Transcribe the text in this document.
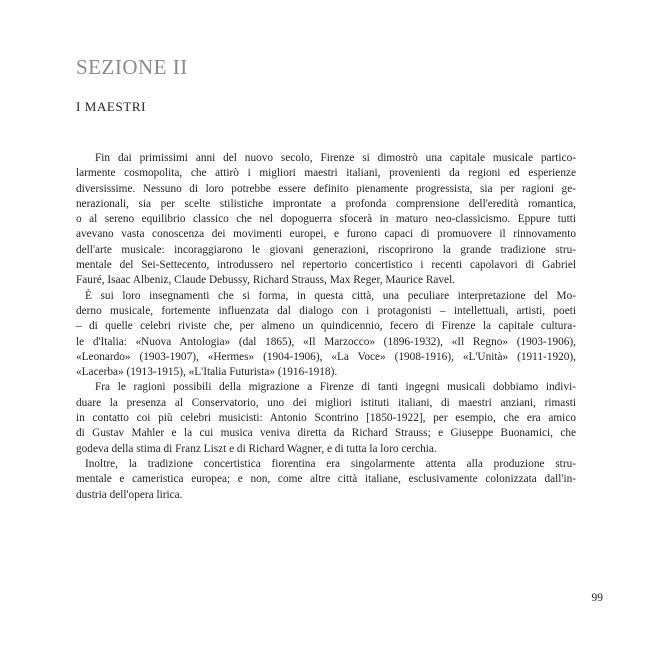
SEZIONE II
I MAESTRI

Fin dai primissimi anni del nuovo secolo, Firenze si dimostrò una capitale musicale partico-
larmente cosmopolita, che attirò i migliori maestri italiani, provenienti da regioni ed esperienze
diversissime. Nessuno di loro potrebbe essere definito pienamente progressista, sia per ragioni ge-
nerazionali, sia per scelte stilistiche improntate a profonda comprensione dell'eredità romantica,
o al sereno equilibrio classico che nel dopoguerra sfocerà in maturo neo-classicismo. Eppure tutti
avevano vasta conoscenza dei movimenti europei, e furono capaci di promuovere il rinnovamento
dell'arte musicale: incoraggiarono le giovani generazioni, riscoprirono la grande tradizione stru-
mentale del Sei-Settecento, introdussero nel repertorio concertistico i recenti capolavori di Gabriel
Fauré, Isaac Albeniz, Claude Debussy, Richard Strauss, Max Reger, Maurice Ravel.

È sui loro insegnamenti che si forma, in questa città, una peculiare interpretazione del Mo-
derno musicale, fortemente influenzata dal dialogo con i protagonisti – intellettuali, artisti, poeti
– di quelle celebri riviste che, per almeno un quindicennio, fecero di Firenze la capitale cultura-
le d'Italia: «Nuova Antologia» (dal 1865), «Il Marzocco» (1896-1932), «Il Regno» (1903-1906),
«Leonardo» (1903-1907), «Hermes» (1904-1906), «La Voce» (1908-1916), «L'Unità» (1911-1920),
«Lacerba» (1913-1915), «L'Italia Futurista» (1916-1918).

Fra le ragioni possibili della migrazione a Firenze di tanti ingegni musicali dobbiamo indivi-
duare la presenza al Conservatorio, uno dei migliori istituti italiani, di maestri anziani, rimasti
in contatto coi più celebri musicisti: Antonio Scontrino [1850-1922], per esempio, che era amico
di Gustav Mahler e la cui musica veniva diretta da Richard Strauss; e Giuseppe Buonamici, che
godeva della stima di Franz Liszt e di Richard Wagner, e di tutta la loro cerchia.

Inoltre, la tradizione concertistica fiorentina era singolarmente attenta alla produzione stru-
mentale e cameristica europea; e non, come altre città italiane, esclusivamente colonizzata dall'in-
dustria dell'opera lirica.

99
